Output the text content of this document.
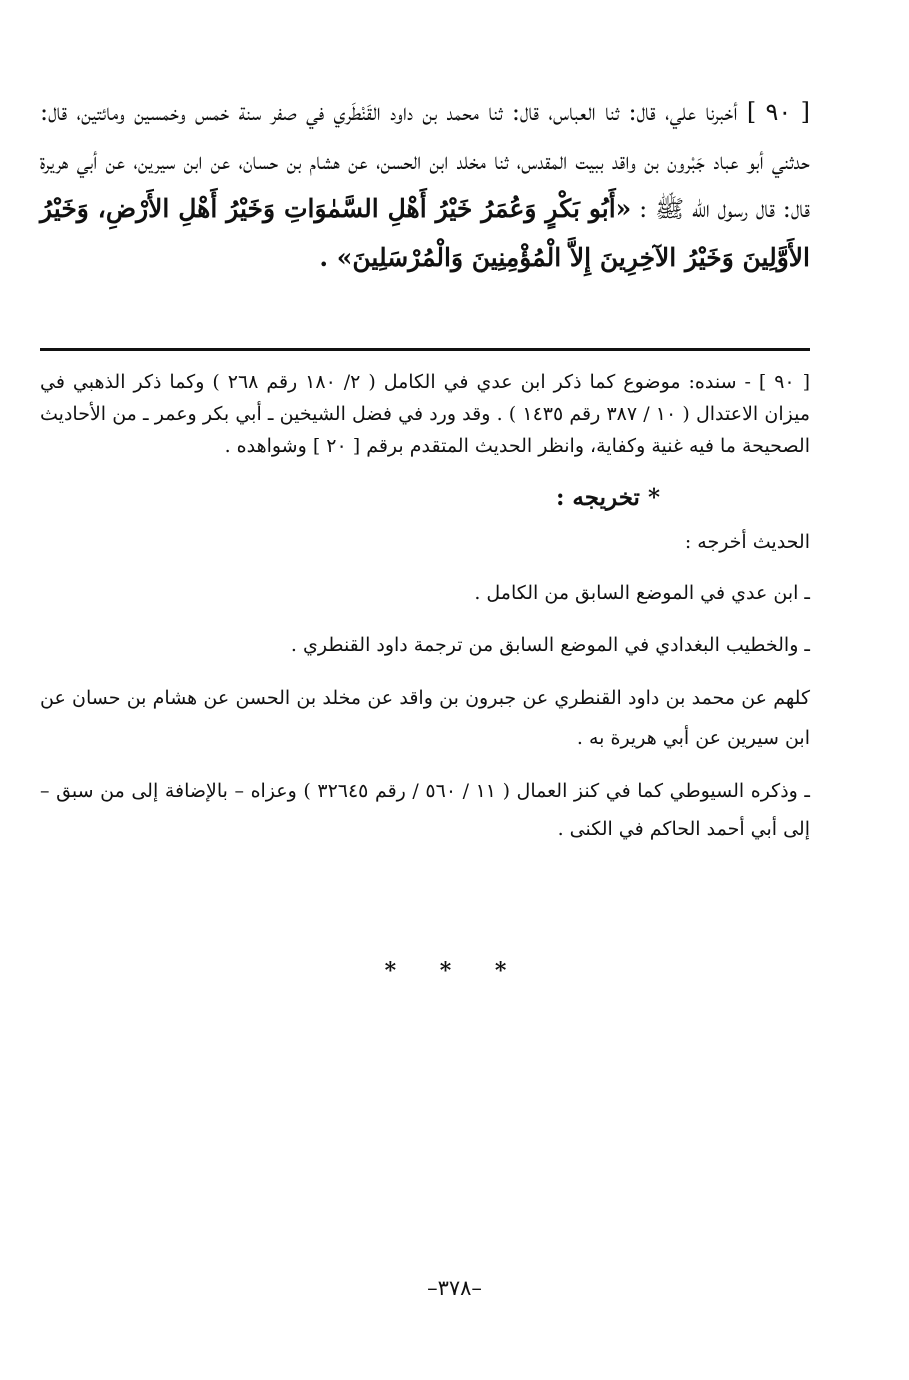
[ ٩٠ ] أخبرنا علي، قال: ثنا العباس، قال: ثنا محمد بن داود القَنْطَري في صفر سنة خمس وخمسين ومائتين، قال: حدثني أبو عباد جَبْرون بن واقد ببيت المقدس، ثنا مخلد ابن الحسن، عن هشام بن حسان، عن ابن سيرين، عن أبي هريرة قال: قال رسول الله ﷺ : «أَبُو بَكْرٍ وَعُمَرُ خَيْرُ أَهْلِ السَّمٰوَاتِ وَخَيْرُ أَهْلِ الأَرْضِ، وَخَيْرُ الأَوَّلِينَ وَخَيْرُ الآخِرِينَ إِلاَّ الْمُؤْمِنِينَ وَالْمُرْسَلِينَ» .

[ ٩٠ ] - سنده: موضوع كما ذكر ابن عدي في الكامل ( ٢/ ١٨٠ رقم ٢٦٨ ) وكما ذكر الذهبي في ميزان الاعتدال ( ١٠ / ٣٨٧ رقم ١٤٣٥ ) . وقد ورد في فضل الشيخين ـ أبي بكر وعمر ـ من الأحاديث الصحيحة ما فيه غنية وكفاية، وانظر الحديث المتقدم برقم [ ٢٠ ] وشواهده .

* تخريجه :

الحديث أخرجه :

ـ ابن عدي في الموضع السابق من الكامل .

ـ والخطيب البغدادي في الموضع السابق من ترجمة داود القنطري .

كلهم عن محمد بن داود القنطري عن جبرون بن واقد عن مخلد بن الحسن عن هشام بن حسان عن ابن سيرين عن أبي هريرة به .

ـ وذكره السيوطي كما في كنز العمال ( ١١ / ٥٦٠ / رقم ٣٢٦٤٥ ) وعزاه – بالإضافة إلى من سبق – إلى أبي أحمد الحاكم في الكنى .

* * *
–٣٧٨–
